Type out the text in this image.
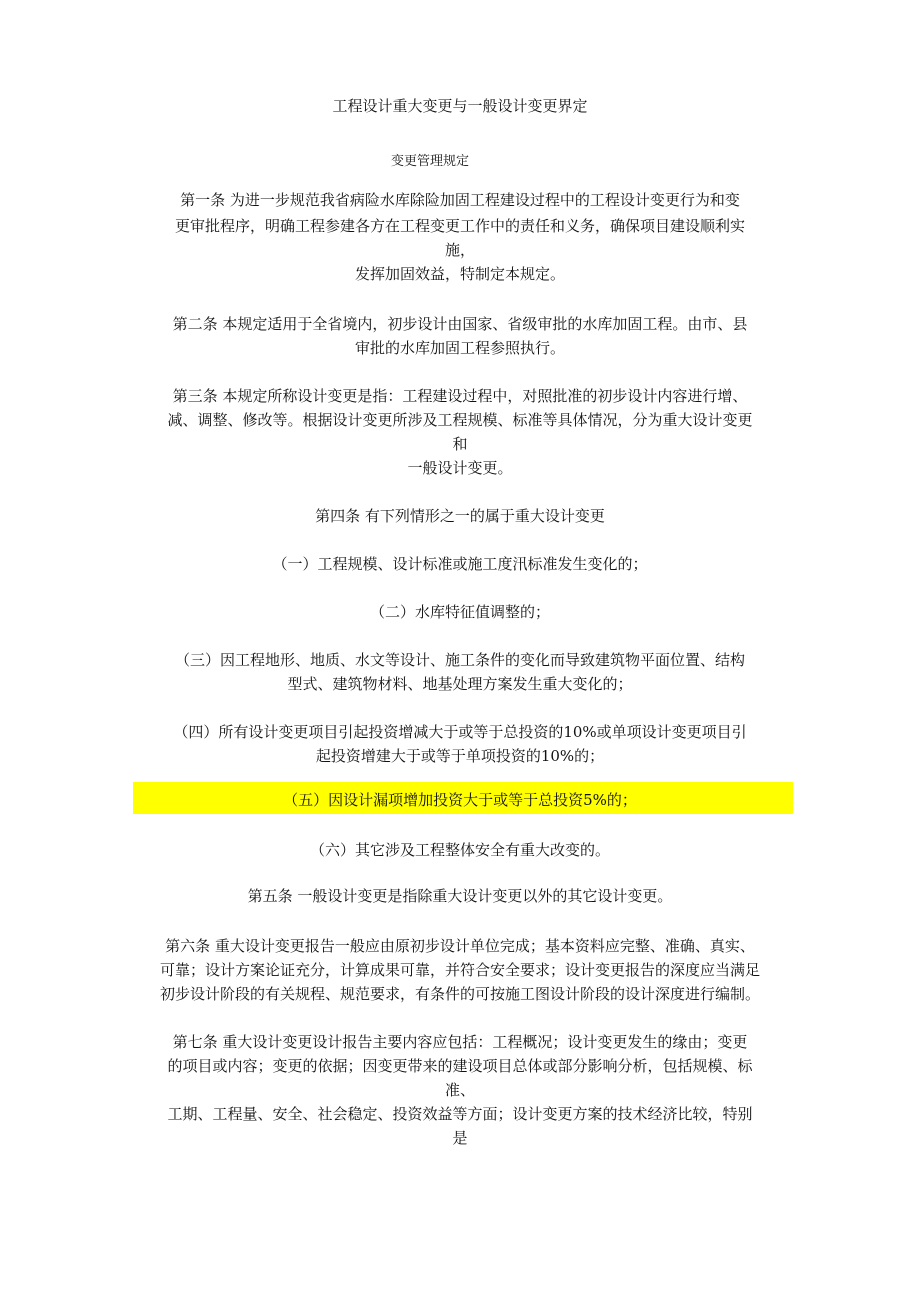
工程设计重大变更与一般设计变更界定

变更管理规定

第一条 为进一步规范我省病险水库除险加固工程建设过程中的工程设计变更行为和变

更审批程序，明确工程参建各方在工程变更工作中的责任和义务，确保项目建设顺利实

施，

发挥加固效益，特制定本规定。

第二条 本规定适用于全省境内，初步设计由国家、省级审批的水库加固工程。由市、县

审批的水库加固工程参照执行。

第三条 本规定所称设计变更是指：工程建设过程中，对照批准的初步设计内容进行增、

减、调整、修改等。根据设计变更所涉及工程规模、标准等具体情况，分为重大设计变更

和

一般设计变更。

第四条 有下列情形之一的属于重大设计变更

（一）工程规模、设计标准或施工度汛标准发生变化的；

（二）水库特征值调整的；

（三）因工程地形、地质、水文等设计、施工条件的变化而导致建筑物平面位置、结构

型式、建筑物材料、地基处理方案发生重大变化的；

（四）所有设计变更项目引起投资增减大于或等于总投资的10%或单项设计变更项目引

起投资增建大于或等于单项投资的10%的；

（五）因设计漏项增加投资大于或等于总投资5%的；

（六）其它涉及工程整体安全有重大改变的。

第五条 一般设计变更是指除重大设计变更以外的其它设计变更。

第六条 重大设计变更报告一般应由原初步设计单位完成；基本资料应完整、准确、真实、

可靠；设计方案论证充分，计算成果可靠，并符合安全要求；设计变更报告的深度应当满足

初步设计阶段的有关规程、规范要求，有条件的可按施工图设计阶段的设计深度进行编制。

第七条 重大设计变更设计报告主要内容应包括：工程概况；设计变更发生的缘由；变更

的项目或内容；变更的依据；因变更带来的建设项目总体或部分影响分析，包括规模、标

准、

工期、工程量、安全、社会稳定、投资效益等方面；设计变更方案的技术经济比较，特别

是
